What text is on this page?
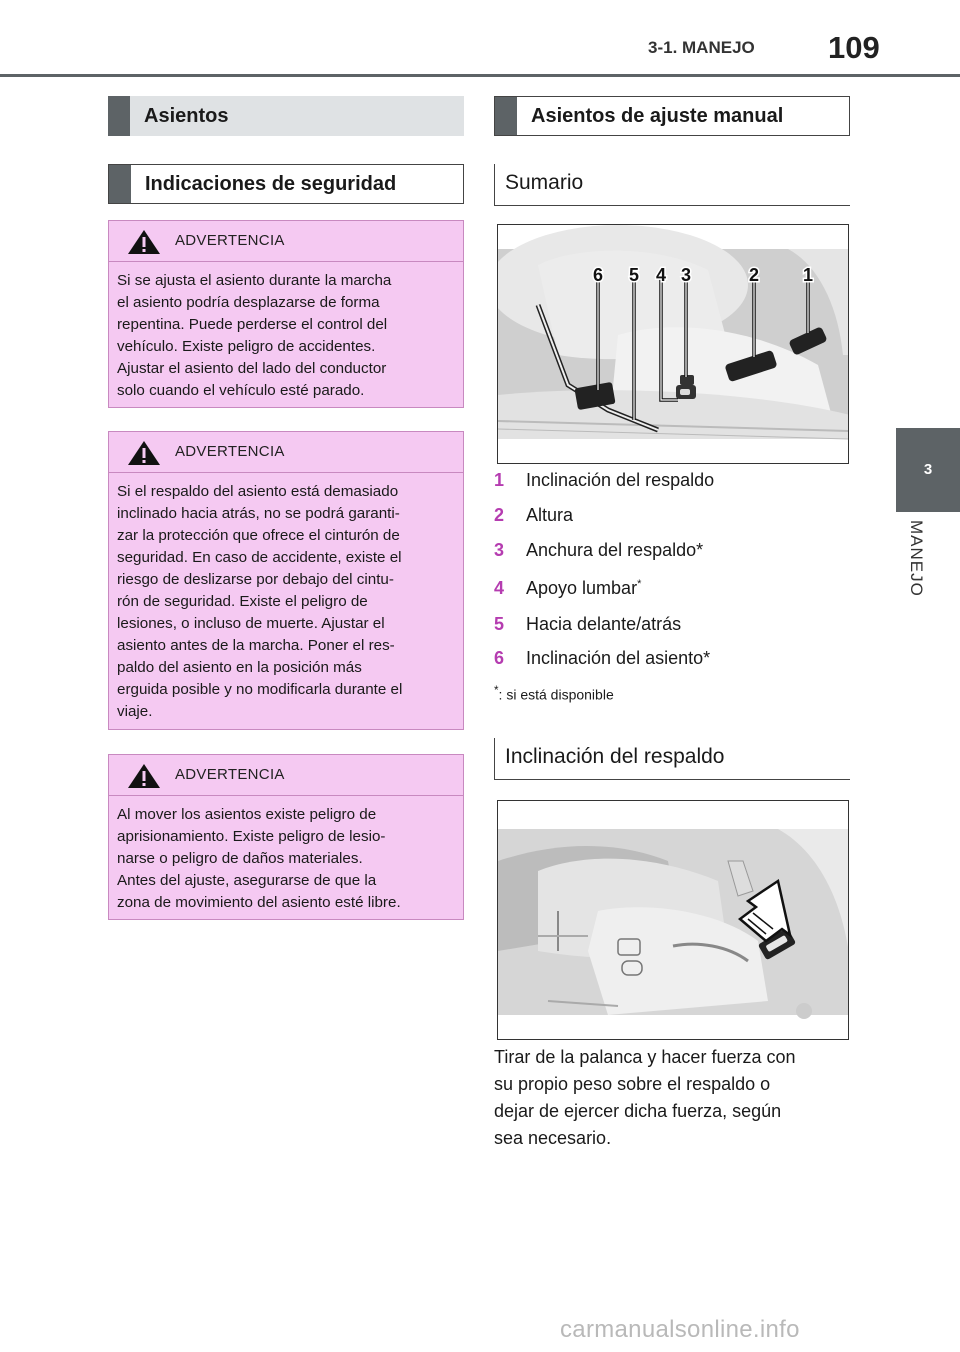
3-1. MANEJO 109
3
MANEJO
Asientos
Indicaciones de seguridad
ADVERTENCIA
Si se ajusta el asiento durante la marcha
el asiento podría desplazarse de forma
repentina. Puede perderse el control del
vehículo. Existe peligro de accidentes.
Ajustar el asiento del lado del conductor
solo cuando el vehículo esté parado.
ADVERTENCIA
Si el respaldo del asiento está demasiado
inclinado hacia atrás, no se podrá garanti-
zar la protección que ofrece el cinturón de
seguridad. En caso de accidente, existe el
riesgo de deslizarse por debajo del cintu-
rón de seguridad. Existe el peligro de
lesiones, o incluso de muerte. Ajustar el
asiento antes de la marcha. Poner el res-
paldo del asiento en la posición más
erguida posible y no modificarla durante el
viaje.
ADVERTENCIA
Al mover los asientos existe peligro de
aprisionamiento. Existe peligro de lesio-
narse o peligro de daños materiales.
Antes del ajuste, asegurarse de que la
zona de movimiento del asiento esté libre.
Asientos de ajuste manual
Sumario
6 5 4 3	2 1
1 Inclinación del respaldo
2 Altura
3 Anchura del respaldo*
4 Apoyo lumbar*
5 Hacia delante/atrás
6 Inclinación del asiento*
*: si está disponible
Inclinación del respaldo
Tirar de la palanca y hacer fuerza con
su propio peso sobre el respaldo o
dejar de ejercer dicha fuerza, según
sea necesario.
carmanualsonline.info
